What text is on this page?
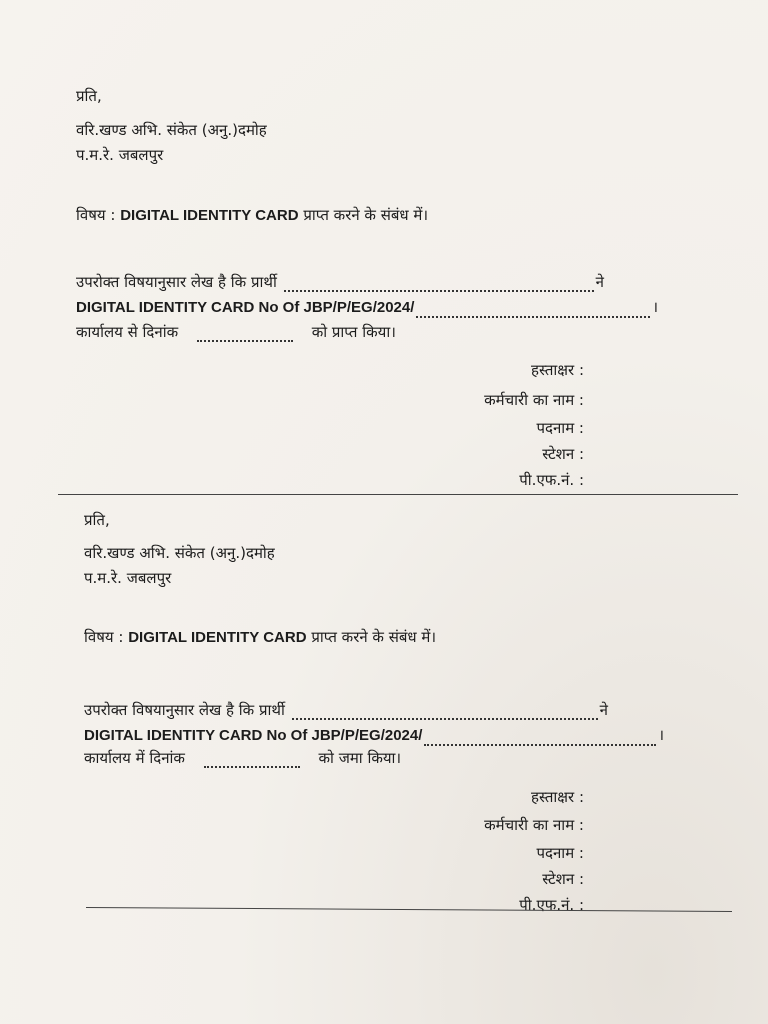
प्रति,
वरि.खण्ड अभि. संकेत (अनु.)दमोह
प.म.रे. जबलपुर
विषय : DIGITAL IDENTITY CARD प्राप्त करने के संबंध में।
उपरोक्त विषयानुसार लेख है कि प्रार्थी	ने
DIGITAL IDENTITY CARD No Of JBP/P/EG/2024/	।
कार्यालय से दिनांक	को प्राप्त किया।
हस्ताक्षर :
कर्मचारी का नाम :
पदनाम :
स्टेशन :
पी.एफ.नं. :
प्रति,
वरि.खण्ड अभि. संकेत (अनु.)दमोह
प.म.रे. जबलपुर
विषय : DIGITAL IDENTITY CARD प्राप्त करने के संबंध में।
उपरोक्त विषयानुसार लेख है कि प्रार्थी	ने
DIGITAL IDENTITY CARD No Of JBP/P/EG/2024/	।
कार्यालय में दिनांक	को जमा किया।
हस्ताक्षर :
कर्मचारी का नाम :
पदनाम :
स्टेशन :
पी.एफ.नं. :
